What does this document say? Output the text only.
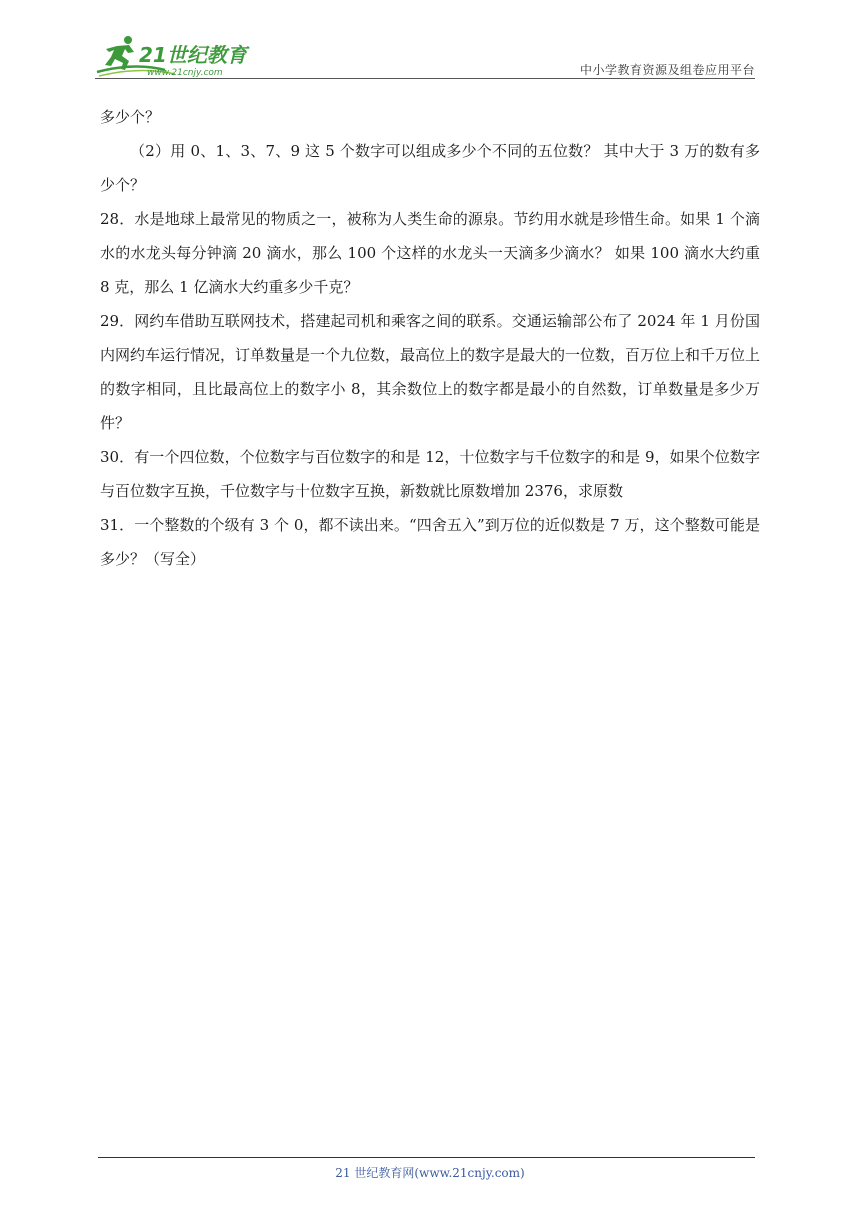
21世纪教育
www.21cnjy.com	中小学教育资源及组卷应用平台

多少个？

（2）用 0、1、3、7、9 这 5 个数字可以组成多少个不同的五位数？ 其中大于 3 万的数有多少个？

28．水是地球上最常见的物质之一，被称为人类生命的源泉。节约用水就是珍惜生命。如果 1 个滴水的水龙头每分钟滴 20 滴水，那么 100 个这样的水龙头一天滴多少滴水？ 如果 100 滴水大约重 8 克，那么 1 亿滴水大约重多少千克？

29．网约车借助互联网技术，搭建起司机和乘客之间的联系。交通运输部公布了 2024 年 1 月份国内网约车运行情况，订单数量是一个九位数，最高位上的数字是最大的一位数，百万位上和千万位上的数字相同，且比最高位上的数字小 8，其余数位上的数字都是最小的自然数，订单数量是多少万件？

30．有一个四位数，个位数字与百位数字的和是 12，十位数字与千位数字的和是 9，如果个位数字与百位数字互换，千位数字与十位数字互换，新数就比原数增加 2376，求原数

31．一个整数的个级有 3 个 0，都不读出来。“四舍五入”到万位的近似数是 7 万，这个整数可能是多少？（写全）

21 世纪教育网(www.21cnjy.com)
